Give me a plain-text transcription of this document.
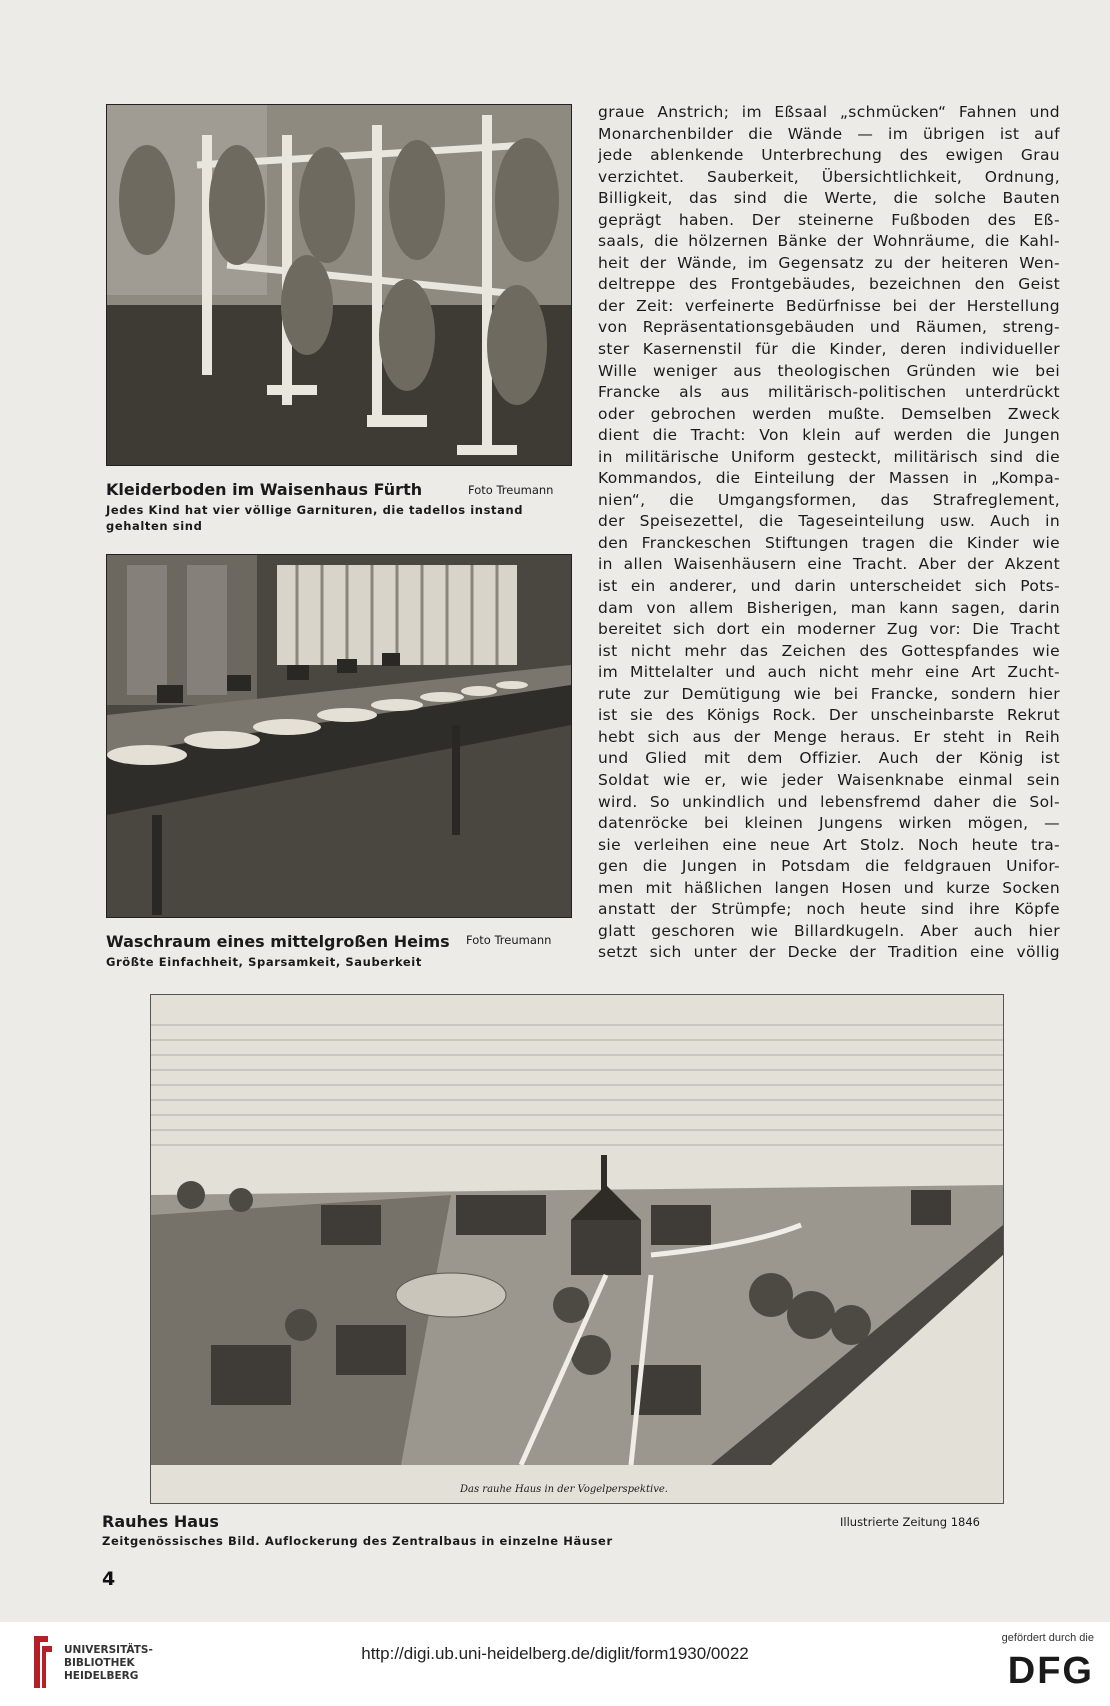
Kleiderboden im Waisenhaus Fürth	Foto Treumann
Jedes Kind hat vier völlige Garnituren, die tadellos instand gehalten sind
Waschraum eines mittelgroßen Heims Foto Treumann
Größte Einfachheit, Sparsamkeit, Sauberkeit
graue Anstrich; im Eßsaal „schmücken“ Fahnen und
Monarchenbilder die Wände — im übrigen ist auf
jede ablenkende Unterbrechung des ewigen Grau
verzichtet. Sauberkeit, Übersichtlichkeit, Ordnung,
Billigkeit, das sind die Werte, die solche Bauten
geprägt haben. Der steinerne Fußboden des Eß-
saals, die hölzernen Bänke der Wohnräume, die Kahl-
heit der Wände, im Gegensatz zu der heiteren Wen-
deltreppe des Frontgebäudes, bezeichnen den Geist
der Zeit: verfeinerte Bedürfnisse bei der Herstellung
von Repräsentationsgebäuden und Räumen, streng-
ster Kasernenstil für die Kinder, deren individueller
Wille weniger aus theologischen Gründen wie bei
Francke als aus militärisch-politischen unterdrückt
oder gebrochen werden mußte. Demselben Zweck
dient die Tracht: Von klein auf werden die Jungen
in militärische Uniform gesteckt, militärisch sind die
Kommandos, die Einteilung der Massen in „Kompa-
nien“, die Umgangsformen, das Strafreglement,
der Speisezettel, die Tageseinteilung usw. Auch in
den Franckeschen Stiftungen tragen die Kinder wie
in allen Waisenhäusern eine Tracht. Aber der Akzent
ist ein anderer, und darin unterscheidet sich Pots-
dam von allem Bisherigen, man kann sagen, darin
bereitet sich dort ein moderner Zug vor: Die Tracht
ist nicht mehr das Zeichen des Gottespfandes wie
im Mittelalter und auch nicht mehr eine Art Zucht-
rute zur Demütigung wie bei Francke, sondern hier
ist sie des Königs Rock. Der unscheinbarste Rekrut
hebt sich aus der Menge heraus. Er steht in Reih
und Glied mit dem Offizier. Auch der König ist
Soldat wie er, wie jeder Waisenknabe einmal sein
wird. So unkindlich und lebensfremd daher die Sol-
datenröcke bei kleinen Jungens wirken mögen, —
sie verleihen eine neue Art Stolz. Noch heute tra-
gen die Jungen in Potsdam die feldgrauen Unifor-
men mit häßlichen langen Hosen und kurze Socken
anstatt der Strümpfe; noch heute sind ihre Köpfe
glatt geschoren wie Billardkugeln. Aber auch hier
setzt sich unter der Decke der Tradition eine völlig
Das rauhe Haus in der Vogelperspektive.
Rauhes Haus	Illustrierte Zeitung 1846
Zeitgenössisches Bild. Auflockerung des Zentralbaus in einzelne Häuser
4
UNIVERSITÄTS-
BIBLIOTHEK
HEIDELBERG
http://digi.ub.uni-heidelberg.de/diglit/form1930/0022
gefördert durch die
DFG
